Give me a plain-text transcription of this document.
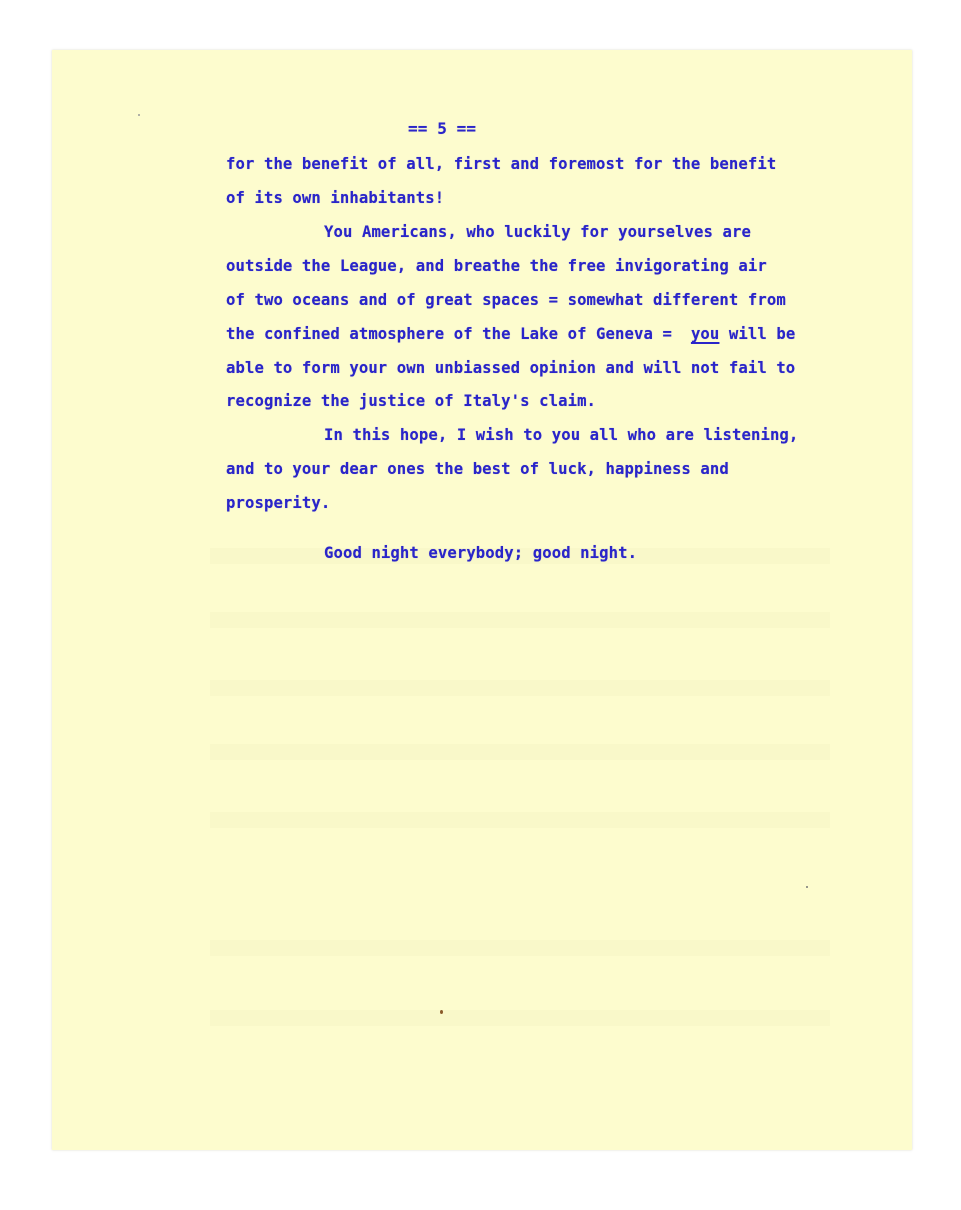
== 5 ==
for the benefit of all, first and foremost for the benefit
of its own inhabitants!
You Americans, who luckily for yourselves are
outside the League, and breathe the free invigorating air
of two oceans and of great spaces = somewhat different from
the confined atmosphere of the Lake of Geneva = you will be
able to form your own unbiassed opinion and will not fail to
recognize the justice of Italy's claim.
In this hope, I wish to you all who are listening,
and to your dear ones the best of luck, happiness and
prosperity.
Good night everybody; good night.
